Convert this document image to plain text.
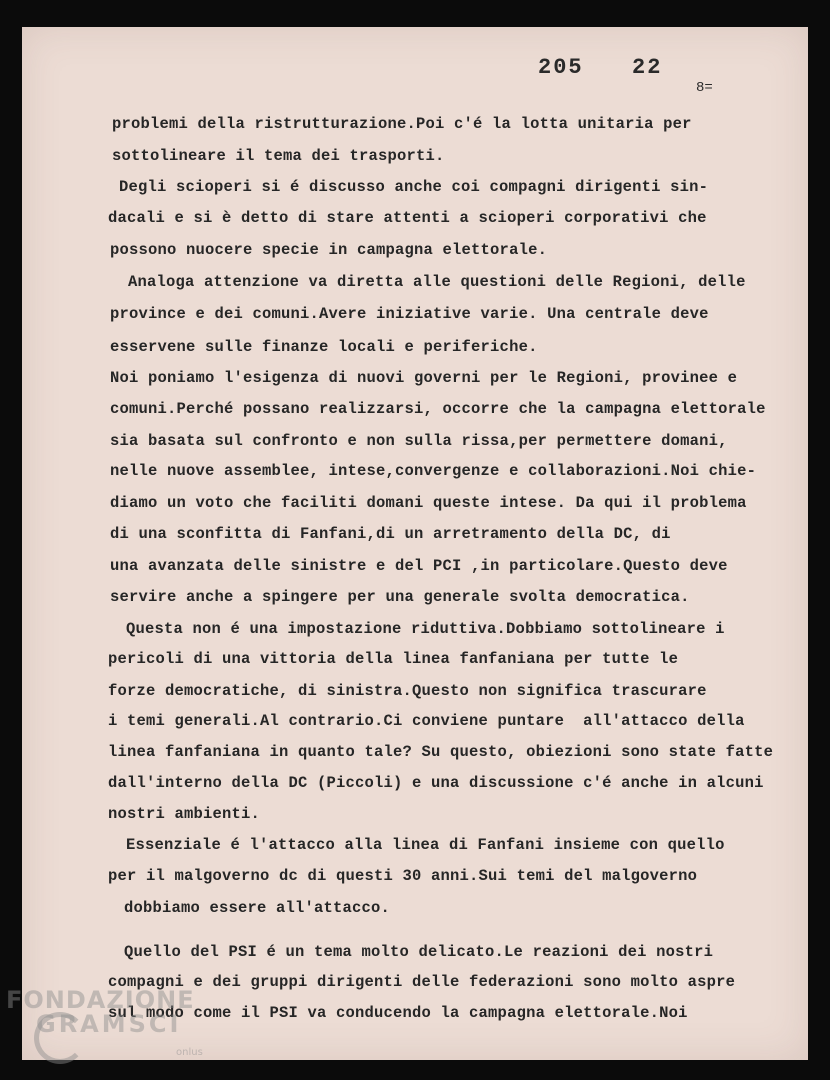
205 22
8=
problemi della ristrutturazione.Poi c'é la lotta unitaria per
sottolineare il tema dei trasporti.
Degli scioperi si é discusso anche coi compagni dirigenti sin-
dacali e si è detto di stare attenti a scioperi corporativi che
possono nuocere specie in campagna elettorale.
Analoga attenzione va diretta alle questioni delle Regioni, delle
province e dei comuni.Avere iniziative varie. Una centrale deve
esservene sulle finanze locali e periferiche.
Noi poniamo l'esigenza di nuovi governi per le Regioni, provinee e
comuni.Perché possano realizzarsi, occorre che la campagna elettorale
sia basata sul confronto e non sulla rissa,per permettere domani,
nelle nuove assemblee, intese,convergenze e collaborazioni.Noi chie-
diamo un voto che faciliti domani queste intese. Da qui il problema
di una sconfitta di Fanfani,di un arretramento della DC, di
una avanzata delle sinistre e del PCI ,in particolare.Questo deve
servire anche a spingere per una generale svolta democratica.
Questa non é una impostazione riduttiva.Dobbiamo sottolineare i
pericoli di una vittoria della linea fanfaniana per tutte le
forze democratiche, di sinistra.Questo non significa trascurare
i temi generali.Al contrario.Ci conviene puntare  all'attacco della
linea fanfaniana in quanto tale? Su questo, obiezioni sono state fatte
dall'interno della DC (Piccoli) e una discussione c'é anche in alcuni
nostri ambienti.
Essenziale é l'attacco alla linea di Fanfani insieme con quello
per il malgoverno dc di questi 30 anni.Sui temi del malgoverno
dobbiamo essere all'attacco.
Quello del PSI é un tema molto delicato.Le reazioni dei nostri
compagni e dei gruppi dirigenti delle federazioni sono molto aspre
sul modo come il PSI va conducendo la campagna elettorale.Noi
FONDAZIONE
GRAMSCI
onlus
